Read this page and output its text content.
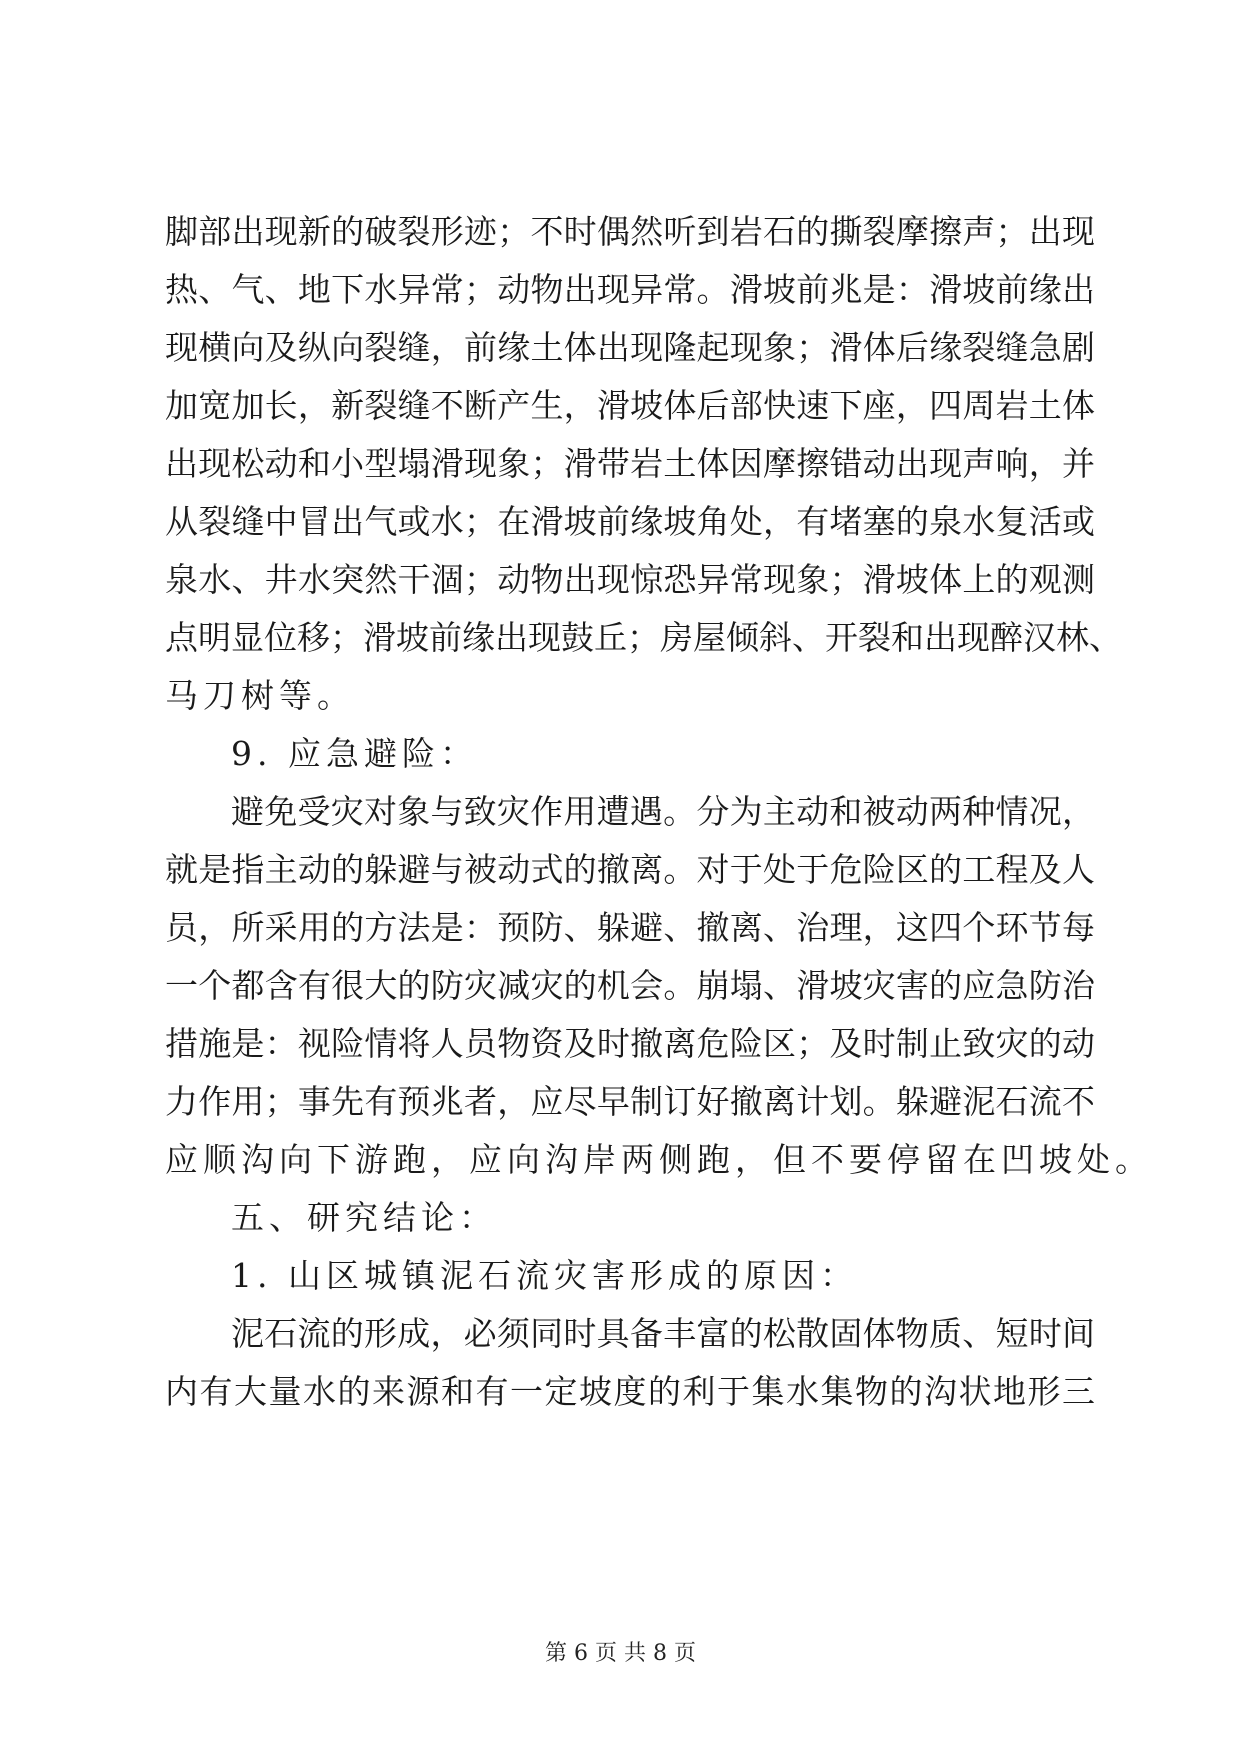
脚部出现新的破裂形迹；不时偶然听到岩石的撕裂摩擦声；出现
热、气、地下水异常；动物出现异常。滑坡前兆是：滑坡前缘出
现横向及纵向裂缝，前缘土体出现隆起现象；滑体后缘裂缝急剧
加宽加长，新裂缝不断产生，滑坡体后部快速下座，四周岩土体
出现松动和小型塌滑现象；滑带岩土体因摩擦错动出现声响，并
从裂缝中冒出气或水；在滑坡前缘坡角处，有堵塞的泉水复活或
泉水、井水突然干涸；动物出现惊恐异常现象；滑坡体上的观测
点明显位移；滑坡前缘出现鼓丘；房屋倾斜、开裂和出现醉汉林、
马刀树等。
9. 应急避险：
避免受灾对象与致灾作用遭遇。分为主动和被动两种情况，
就是指主动的躲避与被动式的撤离。对于处于危险区的工程及人
员，所采用的方法是：预防、躲避、撤离、治理，这四个环节每
一个都含有很大的防灾减灾的机会。崩塌、滑坡灾害的应急防治
措施是：视险情将人员物资及时撤离危险区；及时制止致灾的动
力作用；事先有预兆者，应尽早制订好撤离计划。躲避泥石流不
应顺沟向下游跑，应向沟岸两侧跑，但不要停留在凹坡处。
五、研究结论：
1. 山区城镇泥石流灾害形成的原因：
泥石流的形成，必须同时具备丰富的松散固体物质、短时间
内有大量水的来源和有一定坡度的利于集水集物的沟状地形三
第 6 页 共 8 页
